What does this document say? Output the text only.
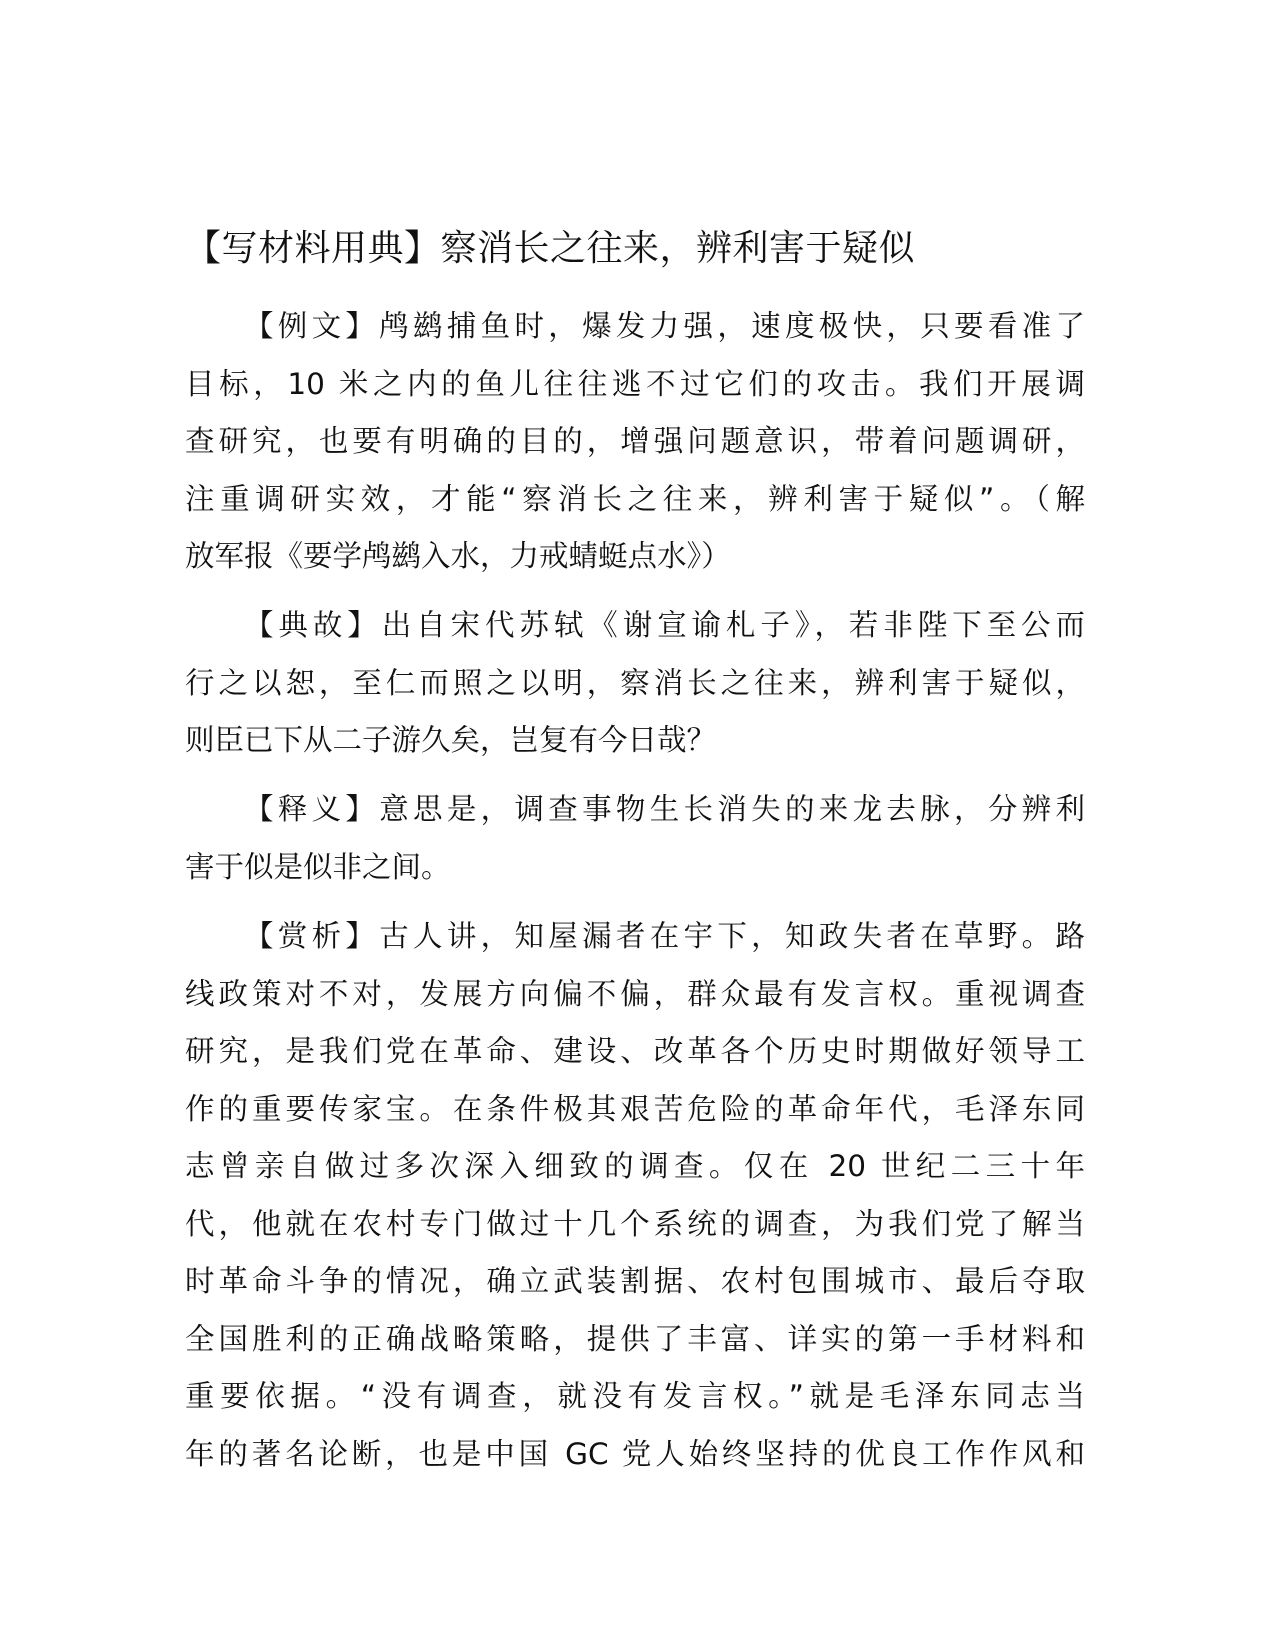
【写材料用典】察消长之往来，辨利害于疑似
【例文】鸬鹚捕鱼时，爆发力强，速度极快，只要看准了
目标，10 米之内的鱼儿往往逃不过它们的攻击。我们开展调
查研究，也要有明确的目的，增强问题意识，带着问题调研，
注重调研实效，才能“察消长之往来，辨利害于疑似”。（解
放军报《要学鸬鹚入水，力戒蜻蜓点水》）
【典故】出自宋代苏轼《谢宣谕札子》，若非陛下至公而
行之以恕，至仁而照之以明，察消长之往来，辨利害于疑似，
则臣已下从二子游久矣，岂复有今日哉？
【释义】意思是，调查事物生长消失的来龙去脉，分辨利
害于似是似非之间。
【赏析】古人讲，知屋漏者在宇下，知政失者在草野。路
线政策对不对，发展方向偏不偏，群众最有发言权。重视调查
研究，是我们党在革命、建设、改革各个历史时期做好领导工
作的重要传家宝。在条件极其艰苦危险的革命年代，毛泽东同
志曾亲自做过多次深入细致的调查。仅在 20 世纪二三十年
代，他就在农村专门做过十几个系统的调查，为我们党了解当
时革命斗争的情况，确立武装割据、农村包围城市、最后夺取
全国胜利的正确战略策略，提供了丰富、详实的第一手材料和
重要依据。“没有调查，就没有发言权。”就是毛泽东同志当
年的著名论断，也是中国 GC 党人始终坚持的优良工作作风和
